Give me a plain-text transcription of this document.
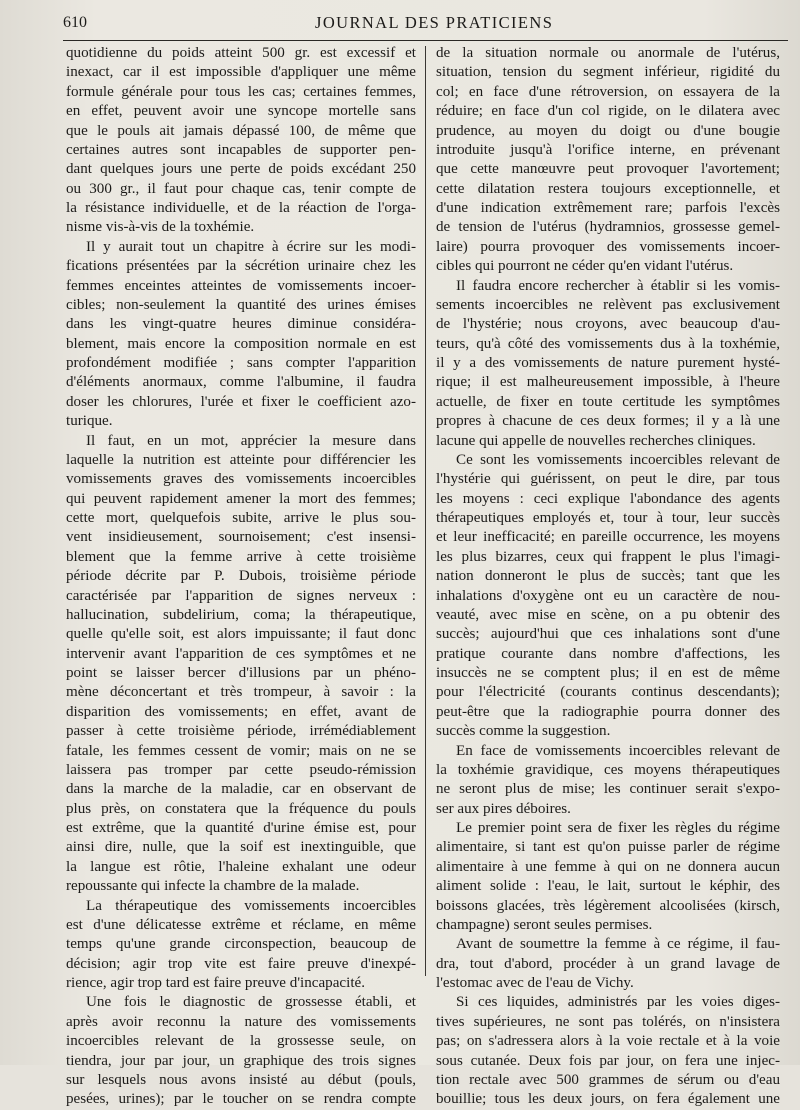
610	JOURNAL DES PRATICIENS
quotidienne du poids atteint 500 gr. est excessif et
inexact, car il est impossible d'appliquer une même
formule générale pour tous les cas; certaines femmes,
en effet, peuvent avoir une syncope mortelle sans
que le pouls ait jamais dépassé 100, de même que
certaines autres sont incapables de supporter pen-
dant quelques jours une perte de poids excédant 250
ou 300 gr., il faut pour chaque cas, tenir compte de
la résistance individuelle, et de la réaction de l'orga-
nisme vis-à-vis de la toxhémie.
Il y aurait tout un chapitre à écrire sur les modi-
fications présentées par la sécrétion urinaire chez les
femmes enceintes atteintes de vomissements incoer-
cibles; non-seulement la quantité des urines émises
dans les vingt-quatre heures diminue considéra-
blement, mais encore la composition normale en est
profondément modifiée ; sans compter l'apparition
d'éléments anormaux, comme l'albumine, il faudra
doser les chlorures, l'urée et fixer le coefficient azo-
turique.
Il faut, en un mot, apprécier la mesure dans
laquelle la nutrition est atteinte pour différencier les
vomissements graves des vomissements incoercibles
qui peuvent rapidement amener la mort des femmes;
cette mort, quelquefois subite, arrive le plus sou-
vent insidieusement, sournoisement; c'est insensi-
blement que la femme arrive à cette troisième
période décrite par P. Dubois, troisième période
caractérisée par l'apparition de signes nerveux :
hallucination, subdelirium, coma; la thérapeutique,
quelle qu'elle soit, est alors impuissante; il faut donc
intervenir avant l'apparition de ces symptômes et ne
point se laisser bercer d'illusions par un phéno-
mène déconcertant et très trompeur, à savoir : la
disparition des vomissements; en effet, avant de
passer à cette troisième période, irrémédiablement
fatale, les femmes cessent de vomir; mais on ne se
laissera pas tromper par cette pseudo-rémission
dans la marche de la maladie, car en observant de
plus près, on constatera que la fréquence du pouls
est extrême, que la quantité d'urine émise est, pour
ainsi dire, nulle, que la soif est inextinguible, que
la langue est rôtie, l'haleine exhalant une odeur
repoussante qui infecte la chambre de la malade.
La thérapeutique des vomissements incoercibles
est d'une délicatesse extrême et réclame, en même
temps qu'une grande circonspection, beaucoup de
décision; agir trop vite est faire preuve d'inexpé-
rience, agir trop tard est faire preuve d'incapacité.
Une fois le diagnostic de grossesse établi, et
après avoir reconnu la nature des vomissements
incoercibles relevant de la grossesse seule, on
tiendra, jour par jour, un graphique des trois signes
sur lesquels nous avons insisté au début (pouls,
pesées, urines); par le toucher on se rendra compte
de la situation normale ou anormale de l'utérus,
situation, tension du segment inférieur, rigidité du
col; en face d'une rétroversion, on essayera de la
réduire; en face d'un col rigide, on le dilatera avec
prudence, au moyen du doigt ou d'une bougie
introduite jusqu'à l'orifice interne, en prévenant
que cette manœuvre peut provoquer l'avortement;
cette dilatation restera toujours exceptionnelle, et
d'une indication extrêmement rare; parfois l'excès
de tension de l'utérus (hydramnios, grossesse gemel-
laire) pourra provoquer des vomissements incoer-
cibles qui pourront ne céder qu'en vidant l'utérus.
Il faudra encore rechercher à établir si les vomis-
sements incoercibles ne relèvent pas exclusivement
de l'hystérie; nous croyons, avec beaucoup d'au-
teurs, qu'à côté des vomissements dus à la toxhémie,
il y a des vomissements de nature purement hysté-
rique; il est malheureusement impossible, à l'heure
actuelle, de fixer en toute certitude les symptômes
propres à chacune de ces deux formes; il y a là une
lacune qui appelle de nouvelles recherches cliniques.
Ce sont les vomissements incoercibles relevant de
l'hystérie qui guérissent, on peut le dire, par tous
les moyens : ceci explique l'abondance des agents
thérapeutiques employés et, tour à tour, leur succès
et leur inefficacité; en pareille occurrence, les moyens
les plus bizarres, ceux qui frappent le plus l'imagi-
nation donneront le plus de succès; tant que les
inhalations d'oxygène ont eu un caractère de nou-
veauté, avec mise en scène, on a pu obtenir des
succès; aujourd'hui que ces inhalations sont d'une
pratique courante dans nombre d'affections, les
insuccès ne se comptent plus; il en est de même
pour l'électricité (courants continus descendants);
peut-être que la radiographie pourra donner des
succès comme la suggestion.
En face de vomissements incoercibles relevant de
la toxhémie gravidique, ces moyens thérapeutiques
ne seront plus de mise; les continuer serait s'expo-
ser aux pires déboires.
Le premier point sera de fixer les règles du régime
alimentaire, si tant est qu'on puisse parler de régime
alimentaire à une femme à qui on ne donnera aucun
aliment solide : l'eau, le lait, surtout le képhir, des
boissons glacées, très légèrement alcoolisées (kirsch,
champagne) seront seules permises.
Avant de soumettre la femme à ce régime, il fau-
dra, tout d'abord, procéder à un grand lavage de
l'estomac avec de l'eau de Vichy.
Si ces liquides, administrés par les voies diges-
tives supérieures, ne sont pas tolérés, on n'insistera
pas; on s'adressera alors à la voie rectale et à la voie
sous cutanée. Deux fois par jour, on fera une injec-
tion rectale avec 500 grammes de sérum ou d'eau
bouillie; tous les deux jours, on fera également une
